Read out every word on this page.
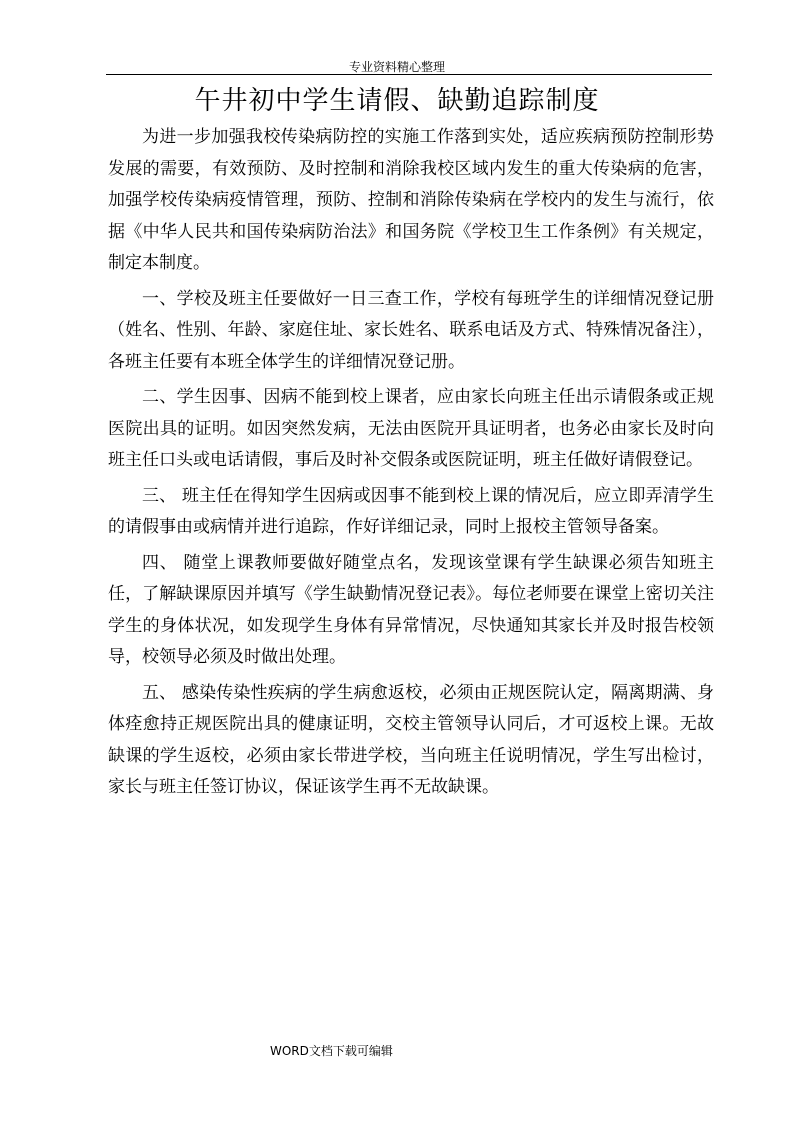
专业资料精心整理
午井初中学生请假、缺勤追踪制度

为进一步加强我校传染病防控的实施工作落到实处，适应疾病预防控制形势发展的需要，有效预防、及时控制和消除我校区域内发生的重大传染病的危害，加强学校传染病疫情管理，预防、控制和消除传染病在学校内的发生与流行，依据《中华人民共和国传染病防治法》和国务院《学校卫生工作条例》有关规定，制定本制度。

一、学校及班主任要做好一日三查工作，学校有每班学生的详细情况登记册（姓名、性别、年龄、家庭住址、家长姓名、联系电话及方式、特殊情况备注），各班主任要有本班全体学生的详细情况登记册。

二、学生因事、因病不能到校上课者，应由家长向班主任出示请假条或正规医院出具的证明。如因突然发病，无法由医院开具证明者，也务必由家长及时向班主任口头或电话请假，事后及时补交假条或医院证明，班主任做好请假登记。

三、 班主任在得知学生因病或因事不能到校上课的情况后，应立即弄清学生的请假事由或病情并进行追踪，作好详细记录，同时上报校主管领导备案。

四、 随堂上课教师要做好随堂点名，发现该堂课有学生缺课必须告知班主任，了解缺课原因并填写《学生缺勤情况登记表》。每位老师要在课堂上密切关注学生的身体状况，如发现学生身体有异常情况，尽快通知其家长并及时报告校领导，校领导必须及时做出处理。

五、 感染传染性疾病的学生病愈返校，必须由正规医院认定，隔离期满、身体痊愈持正规医院出具的健康证明，交校主管领导认同后，才可返校上课。无故缺课的学生返校，必须由家长带进学校，当向班主任说明情况，学生写出检讨，家长与班主任签订协议，保证该学生再不无故缺课。

WORD文档下载可编辑
